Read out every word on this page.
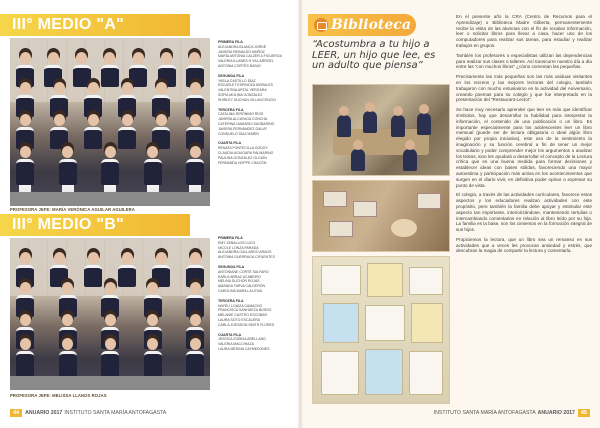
III° MEDIO "A"
PROFESORA JEFE: MARÍA VERÓNICA AGUILAR AGUILERA
PRIMERA FILA
ALEJANDRA BLANCA JORDÉ
JAVIERA REINALDO MUÑOZ
MARÍA ANTONIA CALZER A FIGUEROA
VALERIA ILLANES H VILLARROEL
ANTONIA CORTÉS BASAY
SEGUNDA FILA
YASLA CASTILLO DÍAZ
ESCARLET ESPINOZA MORALES
VALENTINA ARTAL VERGARA
SOFÍA MOLINA GONZÁLEZ
SHIRLEY DUCHAN VILLAVICENCIO
TERCERA FILA
CATALINA JERÓNIMO RÍOS
JAVIERA ALCAYAGA CONCHA
CATERINA GAMARDI SAGBARINO
JAVIERA FERNÁNDEZ GALVE
CONSUELO DÍAZ MARÍN
CUARTA FILA
RENATA FONTECILLA GODOY
CLAUDIA AGUIGARA PALMARINO
PAULINA GONZÁLEZ OLGUÍN
FERNANDA HOPPE CHACÓN
III° MEDIO "B"
PROFESORA JEFE: MELISSA LLANOS ROJAS
PRIMERA FILA
EMY ZEBALLOS LUCO
NICOLE LONZA PARADA
ALEJANDRA GALLARDO ARAOS
ANTONIA GUERRAGA CIFUENTES
SEGUNDA FILA
ANTONIANE CORTÉ SALFARO
KARLA ARRAZ ACABEIRO
MELINA SUCHOR ROJAS
AMANDA TARVA CALDERÓN
CAROLINA MARILLA LEIVA
TERCERA FILA
NAYELI LOAIZA CAMACHO
FRANCISCA SANHUEZA BOSSO
MELANIE CASTRO ESCOBAR
LAURA SOTO ESCALERA
CARLA JODSSON SMITH FLORES
CUARTA FILA
JESSICA ZÚÑIGA ARELLANO
VALERIA MACCHIAZA
LAURA MEDINA CAYMEDONES
44	ANUARIO 2017 INSTITUTO SANTA MARÍA ANTOFAGASTA
Biblioteca
“Acostumbra a tu hijo a LEER, un hijo que lee, es un adulto que piensa”

En el presente año la CRA (Centro de Recursos para el Aprendizaje) o Biblioteca Madre Gilberta, permanentemente recibe la visita de las alumnas con el fin de recabar información, leer o solicitar libros para llevar a casa, hacer uso de los computadores para realizar sus tareas, para estudiar y realizar trabajos en grupos.

También los profesores o especialistas utilizan las dependencias para realizar sus clases o talleres. Así transcurre nuestro día a día entre las “con muchos libros” ¿cómo comentan las pequeñas.

Precisamente las más pequeñas son las más asiduas visitantes en los recreos y las mejores lectoras del colegio, también trabajaron con mucho entusiasmo en la actividad del Aniversario, creando poemas para su colegio y que fue interpretado en la presentación del “Restaurant-Lector”.

Se hace muy necesario aprender que leer es más que identificar símbolos, hay que desarrollar la habilidad para interpretar la información, el contenido de una publicación o un libro. Es importante especialmente para los adolescentes leer un libro mensual (puede ser de lectura obligatoria o ideal algún libro elegido por propia iniciativa), este uso de la sentimiento la imaginación y su función cerebral a fin de tener un mejor vocabulario y poder comprender mejor los argumentos o analizar los textos, sino les ayudará a desarrollar el concepto de la Lectura crítica que es una buena medida para formar decisiones y establecer ideas con bases sólidas, favoreciendo una mayor autoestima y participación más activa en los acontecimientos que surgen en el diario vivir, en definitiva poder opinar o expresar su punto de vista.

El colegio, a través de las actividades curriculares, favorece estos aspectos y los educadores realizan actividades con este propósito, pero también la familia debe apoyar y estimular este aspecto tan importante, interiorizándose, manteniendo tertulias o intercambiando comentarios en relación al libro leído por su hija. La familia es la base, son los cimientos en la formación integral de sus hijos.

Propiciemos la lectura, que un libro sea un remanso en sus actividades que a veces les provocan ansiedad y estrés, que descubran la magia de compartir la lectura y comentarla.

INSTITUTO SANTA MARÍA ANTOFAGASTA ANUARIO 2017	45
